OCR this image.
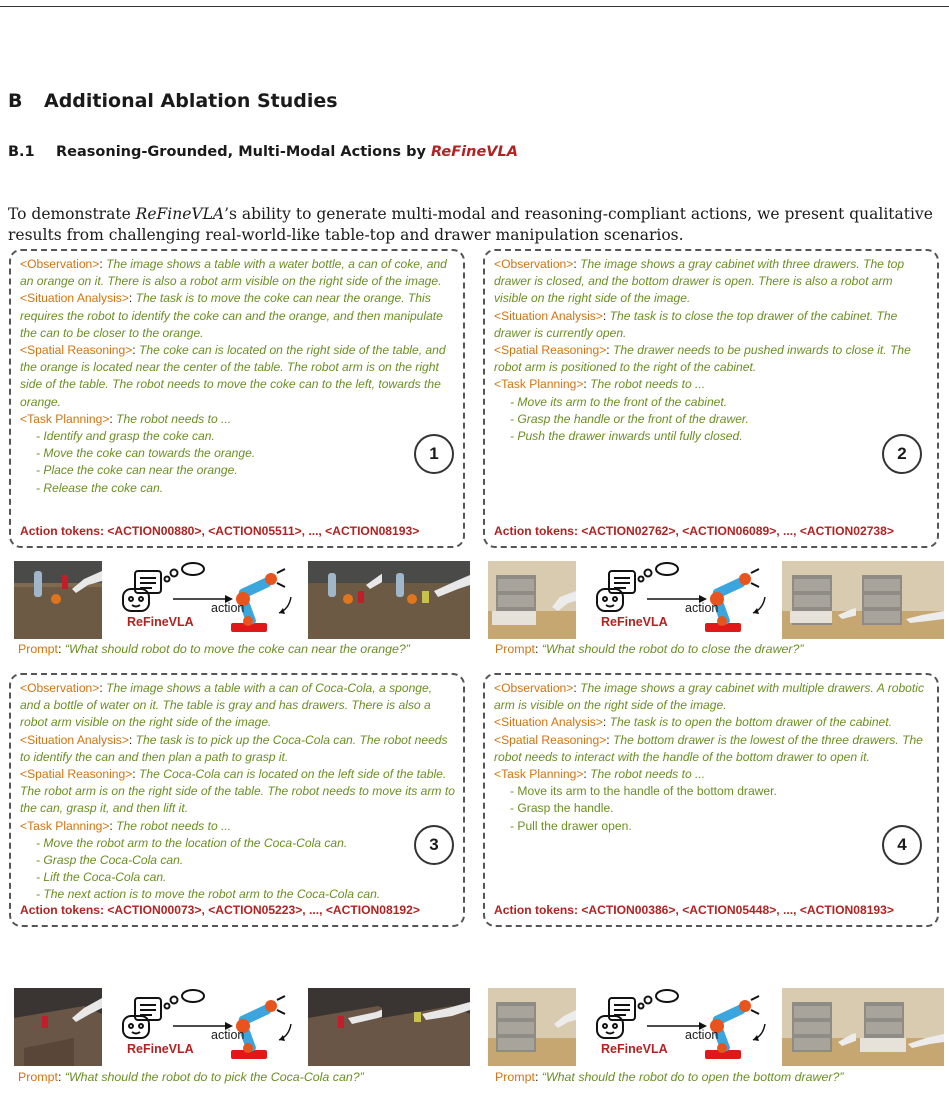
B Additional Ablation Studies
B.1 Reasoning-Grounded, Multi-Modal Actions by ReFineVLA

To demonstrate ReFineVLA’s ability to generate multi-modal and reasoning-compliant actions, we present qualitative results from challenging real-world-like table-top and drawer manipulation scenarios.

<Observation>: The image shows a table with a water bottle, a can of coke, and an orange on it. There is also a robot arm visible on the right side of the image.

<Situation Analysis>: The task is to move the coke can near the orange. This requires the robot to identify the coke can and the orange, and then manipulate the can to be closer to the orange.

<Spatial Reasoning>: The coke can is located on the right side of the table, and the orange is located near the center of the table. The robot arm is on the right side of the table. The robot needs to move the coke can to the left, towards the orange.

<Task Planning>: The robot needs to ...

- Identify and grasp the coke can.
- Move the coke can towards the orange.
- Place the coke can near the orange.
- Release the coke can.
Action tokens: <ACTION00880>, <ACTION05511>, ..., <ACTION08193>
1

<Observation>: The image shows a gray cabinet with three drawers. The top drawer is closed, and the bottom drawer is open. There is also a robot arm visible on the right side of the image.

<Situation Analysis>: The task is to close the top drawer of the cabinet. The drawer is currently open.

<Spatial Reasoning>: The drawer needs to be pushed inwards to close it. The robot arm is positioned to the right of the cabinet.

<Task Planning>: The robot needs to ...

- Move its arm to the front of the cabinet.
- Grasp the handle or the front of the drawer.
- Push the drawer inwards until fully closed.
Action tokens: <ACTION02762>, <ACTION06089>, ..., <ACTION02738>
2

<Observation>: The image shows a table with a can of Coca-Cola, a sponge, and a bottle of water on it. The table is gray and has drawers. There is also a robot arm visible on the right side of the image.

<Situation Analysis>: The task is to pick up the Coca-Cola can. The robot needs to identify the can and then plan a path to grasp it.

<Spatial Reasoning>: The Coca-Cola can is located on the left side of the table. The robot arm is on the right side of the table. The robot needs to move its arm to the can, grasp it, and then lift it.

<Task Planning>: The robot needs to ...

- Move the robot arm to the location of the Coca-Cola can.
- Grasp the Coca-Cola can.
- Lift the Coca-Cola can.
- The next action is to move the robot arm to the Coca-Cola can.
Action tokens: <ACTION00073>, <ACTION05223>, ..., <ACTION08192>
3

<Observation>: The image shows a gray cabinet with multiple drawers. A robotic arm is visible on the right side of the image.

<Situation Analysis>: The task is to open the bottom drawer of the cabinet.

<Spatial Reasoning>: The bottom drawer is the lowest of the three drawers. The robot needs to interact with the handle of the bottom drawer to open it.

<Task Planning>: The robot needs to ...

- Move its arm to the handle of the bottom drawer.
- Grasp the handle.
- Pull the drawer open.
Action tokens: <ACTION00386>, <ACTION05448>, ..., <ACTION08193>
4
ReFineVLA
action
ReFineVLA
action
ReFineVLA
action
ReFineVLA
action
Prompt: “What should robot do to move the coke can near the orange?”	Prompt: “What should the robot do to close the drawer?”
Prompt: “What should the robot do to pick the Coca-Cola can?”	Prompt: “What should the robot do to open the bottom drawer?”
